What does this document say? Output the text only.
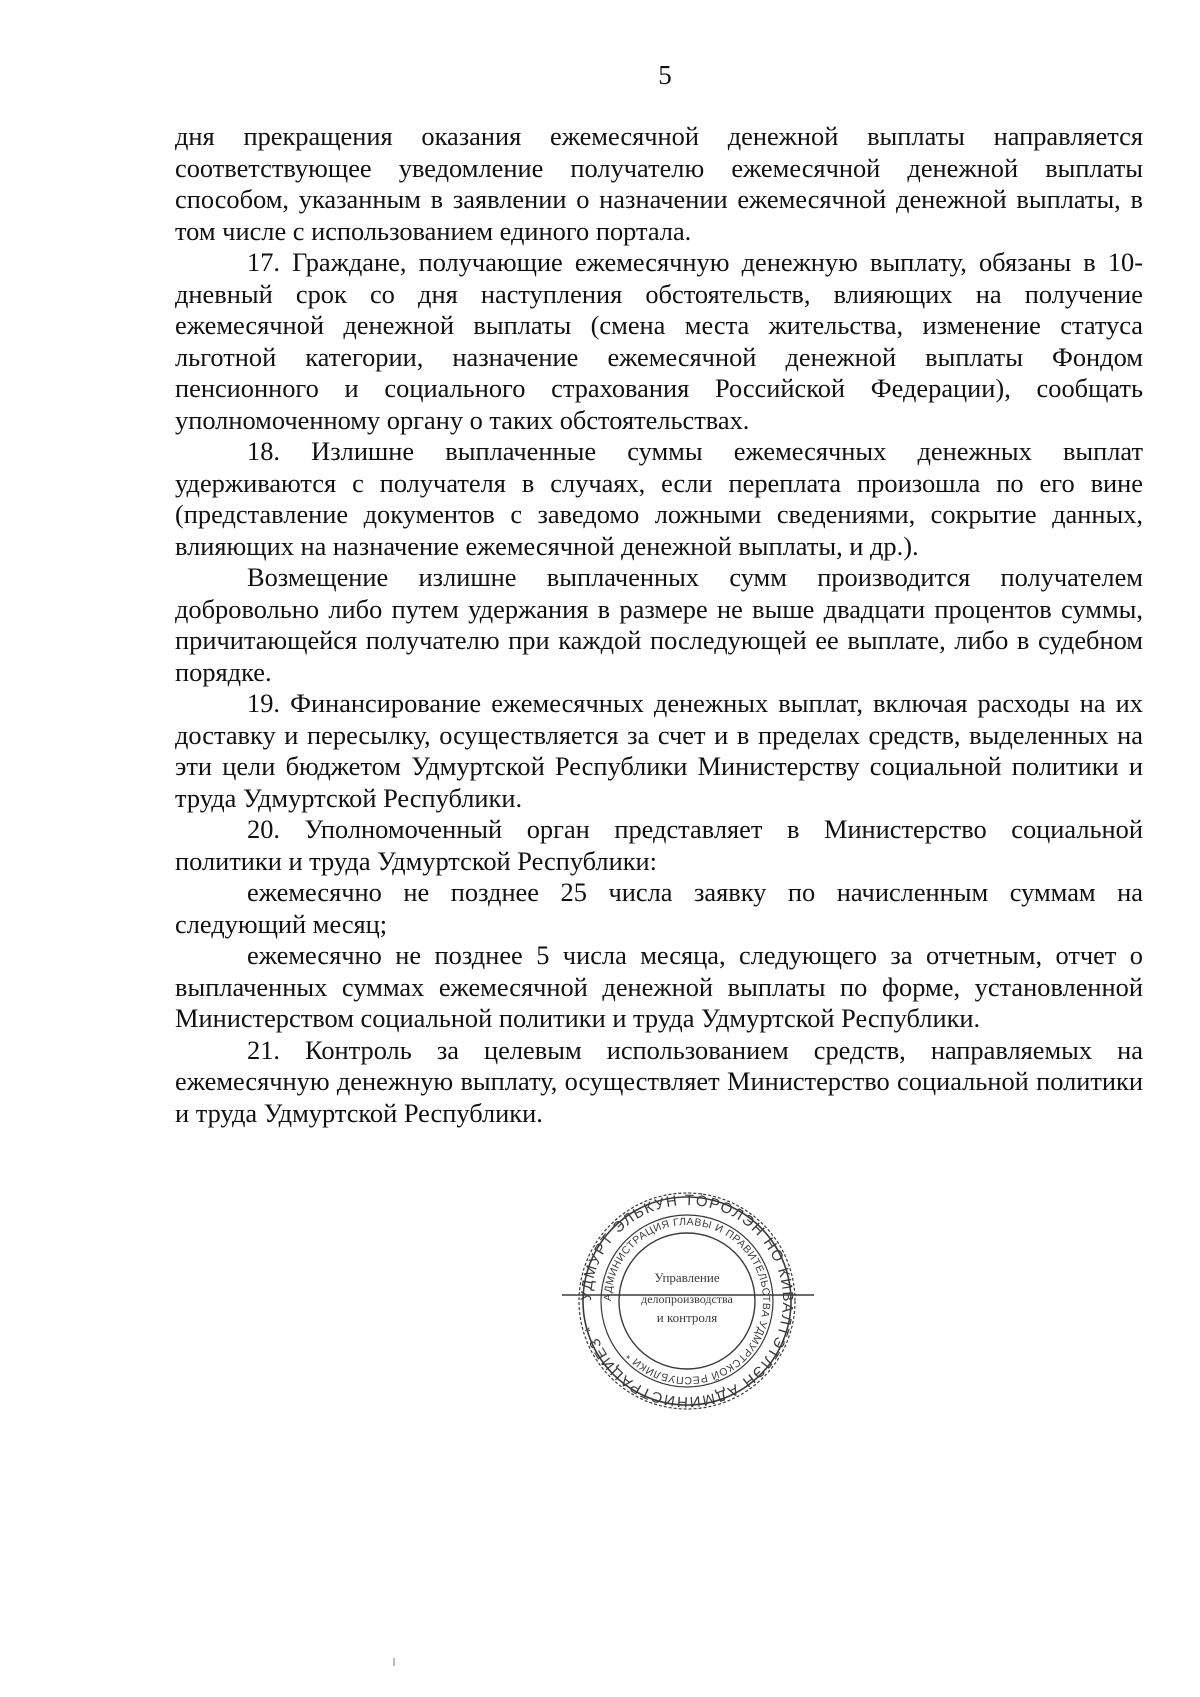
5

дня прекращения оказания ежемесячной денежной выплаты направляется соответствующее уведомление получателю ежемесячной денежной выплаты способом, указанным в заявлении о назначении ежемесячной денежной выплаты, в том числе с использованием единого портала.

17. Граждане, получающие ежемесячную денежную выплату, обязаны в 10-дневный срок со дня наступления обстоятельств, влияющих на получение ежемесячной денежной выплаты (смена места жительства, изменение статуса льготной категории, назначение ежемесячной денежной выплаты Фондом пенсионного и социального страхования Российской Федерации), сообщать уполномоченному органу о таких обстоятельствах.

18. Излишне выплаченные суммы ежемесячных денежных выплат удерживаются с получателя в случаях, если переплата произошла по его вине (представление документов с заведомо ложными сведениями, сокрытие данных, влияющих на назначение ежемесячной денежной выплаты, и др.).

Возмещение излишне выплаченных сумм производится получателем добровольно либо путем удержания в размере не выше двадцати процентов суммы, причитающейся получателю при каждой последующей ее выплате, либо в судебном порядке.

19. Финансирование ежемесячных денежных выплат, включая расходы на их доставку и пересылку, осуществляется за счет и в пределах средств, выделенных на эти цели бюджетом Удмуртской Республики Министерству социальной политики и труда Удмуртской Республики.

20. Уполномоченный орган представляет в Министерство социальной политики и труда Удмуртской Республики:

ежемесячно не позднее 25 числа заявку по начисленным суммам на следующий месяц;

ежемесячно не позднее 5 числа месяца, следующего за отчетным, отчет о выплаченных суммах ежемесячной денежной выплаты по форме, установленной Министерством социальной политики и труда Удмуртской Республики.

21. Контроль за целевым использованием средств, направляемых на ежемесячную денежную выплату, осуществляет Министерство социальной политики и труда Удмуртской Республики.

УДМУРТ ЭЛЬКУН ТӦРОЛЭН НО КИВАЛТЭТЛЭН АДМИНИСТРАЦИЕЗ *
АДМИНИСТРАЦИЯ ГЛАВЫ И ПРАВИТЕЛЬСТВА УДМУРТСКОЙ РЕСПУБЛИКИ *
Управление
делопроизводства
и контроля
